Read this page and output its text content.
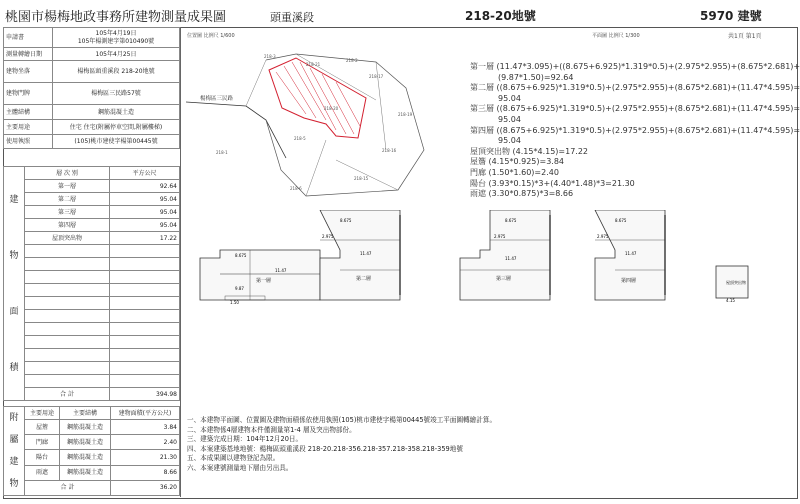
桃園市楊梅地政事務所建物測量成果圖	頭重溪段	218-20地號	5970 建號
申請書	105年4月19日
105年楊測建字第010490號
測量轉繪日期	105年4月25日
建物坐落	楊梅區頭重溪段 218-20地號
建物門牌	楊梅區三民路57號
主體結構	鋼筋混凝土造
主要用途	住宅 住宅(附屬停車空間,附屬樓梯)
使用執照	(105)桃市建使字楊第00445號
建
物
面
積	層 次 別	平方公尺
	第一層	92.64
	第二層	95.04
	第三層	95.04
	第四層	95.04
	屋頂突出物	17.22

	合 計	394.98
附
屬
建
物	主要用途	主要結構	建物面積(平方公尺)
	屋簷	鋼筋混凝土造	3.84
	門廊	鋼筋混凝土造	2.40
	陽台	鋼筋混凝土造	21.30
	雨遮	鋼筋混凝土造	8.66
	合 計		36.20
位置圖 比例尺 1/600
楊梅區三民路
218-3
218-2
218-21
218-17
218-20
218-19
218-16
218-15
218-5
218-6
218-1
平面圖 比例尺 1/300	共1頁 第1頁
第一層 (11.47*3.095)+((8.675+6.925)*1.319*0.5)+(2.975*2.955)+(8.675*2.681)+
(9.87*1.50)=92.64
第二層 ((8.675+6.925)*1.319*0.5)+(2.975*2.955)+(8.675*2.681)+(11.47*4.595)=
95.04
第三層 ((8.675+6.925)*1.319*0.5)+(2.975*2.955)+(8.675*2.681)+(11.47*4.595)=
95.04
第四層 ((8.675+6.925)*1.319*0.5)+(2.975*2.955)+(8.675*2.681)+(11.47*4.595)=
95.04
屋頂突出物 (4.15*4.15)=17.22
屋簷 (4.15*0.925)=3.84
門廊 (1.50*1.60)=2.40
陽台 (3.93*0.15)*3+(4.40*1.48)*3=21.30
雨遮 (3.30*0.875)*3=8.66
8.675
11.47
9.87
1.50
第一層
8.675
11.47
2.975
第二層
8.675
11.47
2.975
第三層
8.675
11.47
2.975
第四層	屋頂突出物
4.15
一、本建物平面圖、位置圖及建物面積係依使用執照(105)桃市建使字楊第00445號竣工平面圖轉繪計算。
二、本建物係4層建物本件僅測量第1-4 層及突出物部份。
三、建築完成日期：104年12月20日。
四、本案建築基地地號：楊梅區頭重溪段 218-20.218-356.218-357.218-358.218-359地號
五、本成果圖以建物登記為限。
六、本案建號測量地下層由另出具。
